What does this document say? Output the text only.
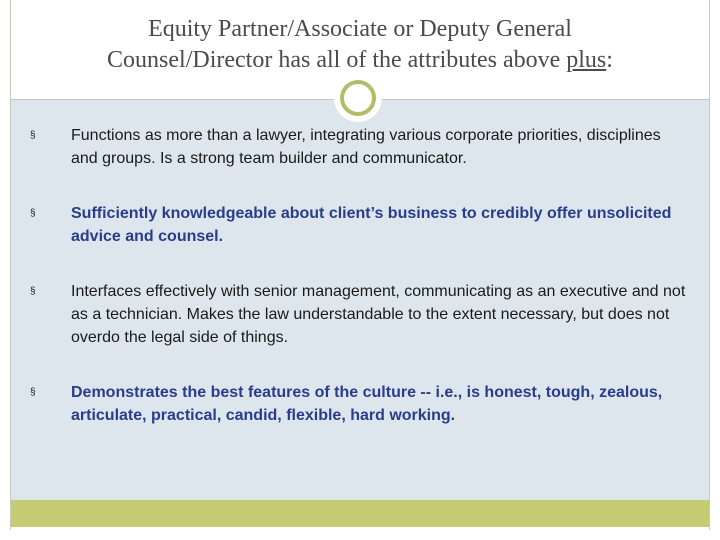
Equity Partner/Associate or Deputy General
Counsel/Director has all of the attributes above plus:
§ Functions as more than a lawyer, integrating various corporate priorities, disciplines and groups. Is a strong team builder and communicator.
§ Sufficiently knowledgeable about client’s business to credibly offer unsolicited advice and counsel.
§ Interfaces effectively with senior management, communicating as an executive and not as a technician. Makes the law understandable to the extent necessary, but does not overdo the legal side of things.
§ Demonstrates the best features of the culture -- i.e., is honest, tough, zealous, articulate, practical, candid, flexible, hard working.
